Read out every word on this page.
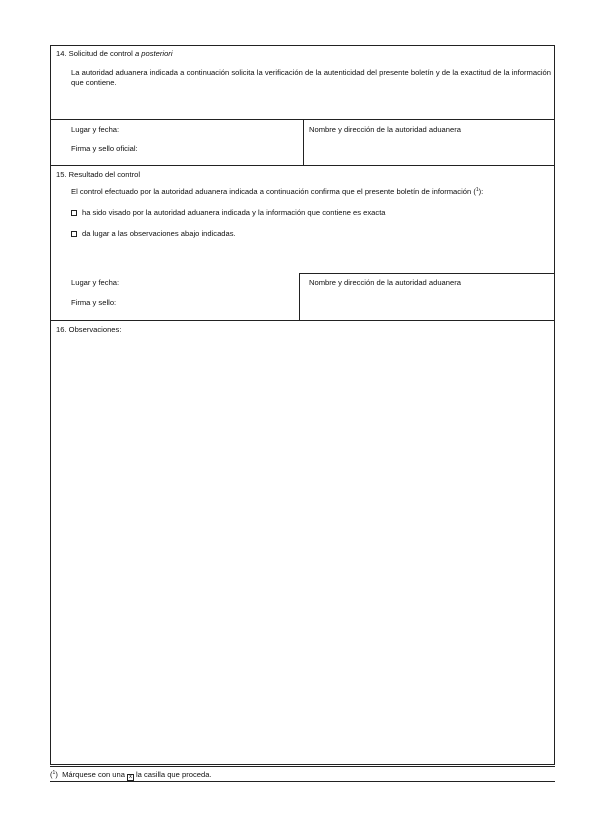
14. Solicitud de control a posteriori
La autoridad aduanera indicada a continuación solicita la verificación de la autenticidad del presente boletín y de la exactitud de la información que contiene.
Lugar y fecha:
Firma y sello oficial:
Nombre y dirección de la autoridad aduanera
15. Resultado del control
El control efectuado por la autoridad aduanera indicada a continuación confirma que el presente boletín de información ($^1$):
ha sido visado por la autoridad aduanera indicada y la información que contiene es exacta
da lugar a las observaciones abajo indicadas.
Lugar y fecha:
Firma y sello:
Nombre y dirección de la autoridad aduanera
16. Observaciones:
($^1$)  Márquese con una x la casilla que proceda.
